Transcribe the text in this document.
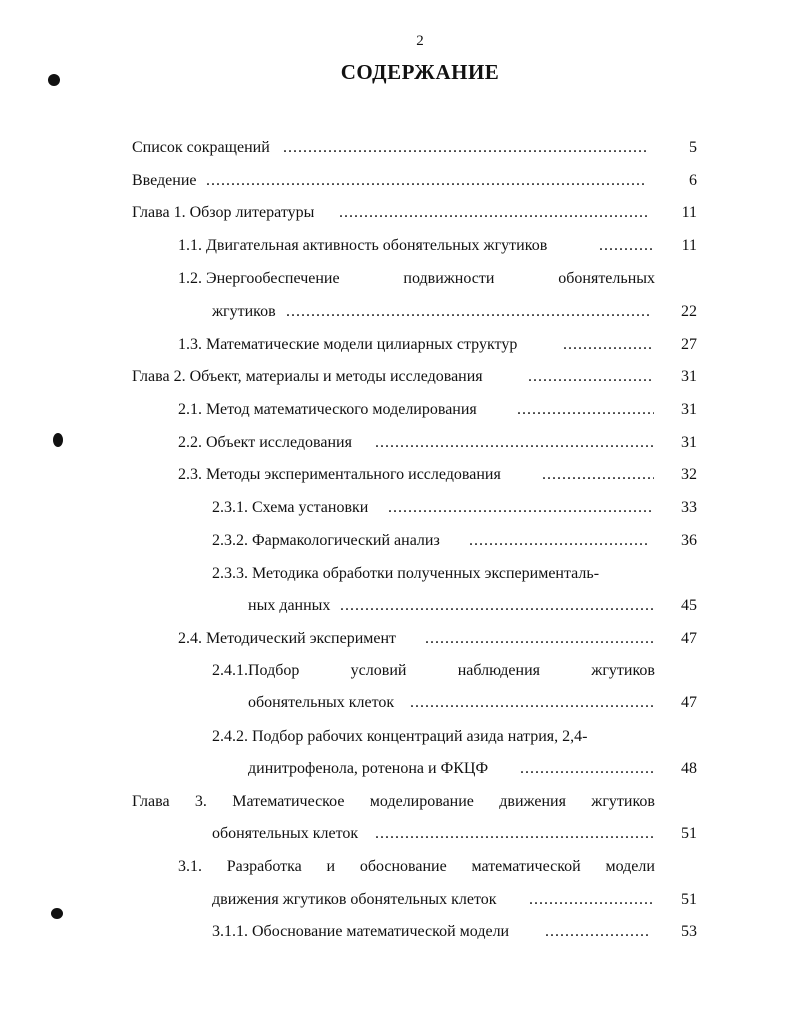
2
СОДЕРЖАНИЕ
Список сокращений .....	5
Введение .....	6
Глава 1. Обзор литературы .....	11
1.1. Двигательная активность обонятельных жгутиков .....	11
1.2. Энергообеспечение	подвижности	обонятельных
жгутиков .....	22
1.3. Математические модели цилиарных структур .....	27
Глава 2. Объект, материалы и методы исследования .....	31
2.1. Метод математического моделирования .....	31
2.2. Объект исследования .....	31
2.3. Методы экспериментального исследования .....	32
2.3.1. Схема установки .....	33
2.3.2. Фармакологический анализ .....	36
2.3.3. Методика обработки полученных эксперименталь-
ных данных .....	45
2.4. Методический эксперимент .....	47
2.4.1.Подбор	условий	наблюдения	жгутиков
обонятельных клеток .....	47
2.4.2. Подбор рабочих концентраций азида натрия, 2,4-
динитрофенола, ротенона и ФКЦФ .....	48
Глава 3. Математическое моделирование движения жгутиков
обонятельных клеток .....	51
3.1. Разработка и обоснование математической модели
движения жгутиков обонятельных клеток .....	51
3.1.1. Обоснование математической модели .....	53
